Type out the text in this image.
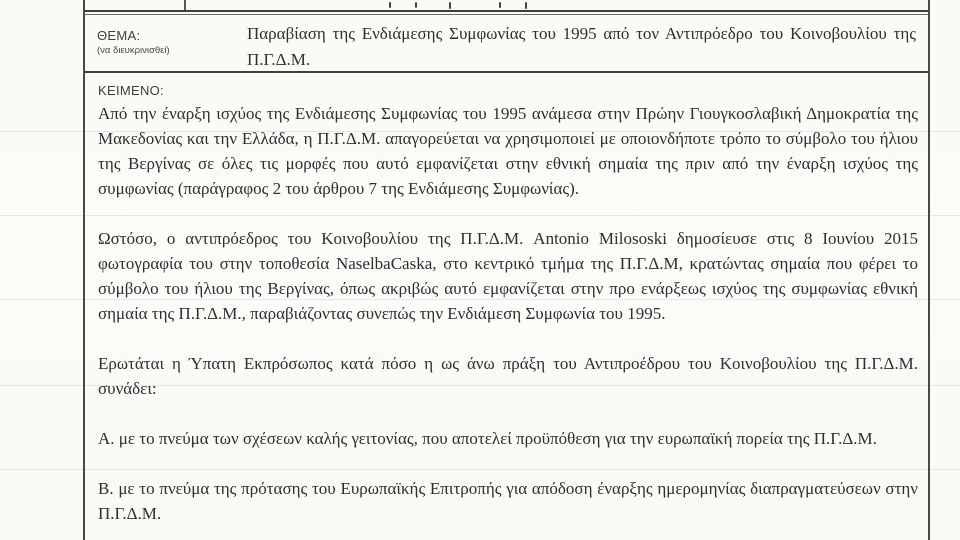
ΘΕΜΑ:
(να διευκρινισθεί)
Παραβίαση της Ενδιάμεσης Συμφωνίας του 1995 από τον Αντιπρόεδρο του Κοινοβουλίου της Π.Γ.Δ.Μ.
ΚΕΙΜΕΝΟ:

Από την έναρξη ισχύος της Ενδιάμεσης Συμφωνίας του 1995 ανάμεσα στην Πρώην Γιουγκοσλαβική Δημοκρατία της Μακεδονίας και την Ελλάδα, η Π.Γ.Δ.Μ. απαγορεύεται να χρησιμοποιεί με οποιονδήποτε τρόπο το σύμβολο του ήλιου της Βεργίνας σε όλες τις μορφές που αυτό εμφανίζεται στην εθνική σημαία της πριν από την έναρξη ισχύος της συμφωνίας (παράγραφος 2 του άρθρου 7 της Ενδιάμεσης Συμφωνίας).

Ωστόσο, ο αντιπρόεδρος του Κοινοβουλίου της Π.Γ.Δ.Μ. Antonio Milososki δημοσίευσε στις 8 Ιουνίου 2015 φωτογραφία του στην τοποθεσία NaselbaCaska, στο κεντρικό τμήμα της Π.Γ.Δ.Μ, κρατώντας σημαία που φέρει το σύμβολο του ήλιου της Βεργίνας, όπως ακριβώς αυτό εμφανίζεται στην προ ενάρξεως ισχύος της συμφωνίας εθνική σημαία της Π.Γ.Δ.Μ., παραβιάζοντας συνεπώς την Ενδιάμεση Συμφωνία του 1995.

Ερωτάται η Ύπατη Εκπρόσωπος κατά πόσο η ως άνω πράξη του Αντιπροέδρου του Κοινοβουλίου της Π.Γ.Δ.Μ. συνάδει:

Α. με το πνεύμα των σχέσεων καλής γειτονίας, που αποτελεί προϋπόθεση για την ευρωπαϊκή πορεία της Π.Γ.Δ.Μ.

Β. με το πνεύμα της πρότασης του Ευρωπαϊκής Επιτροπής για απόδοση έναρξης ημερομηνίας διαπραγματεύσεων στην Π.Γ.Δ.Μ.
